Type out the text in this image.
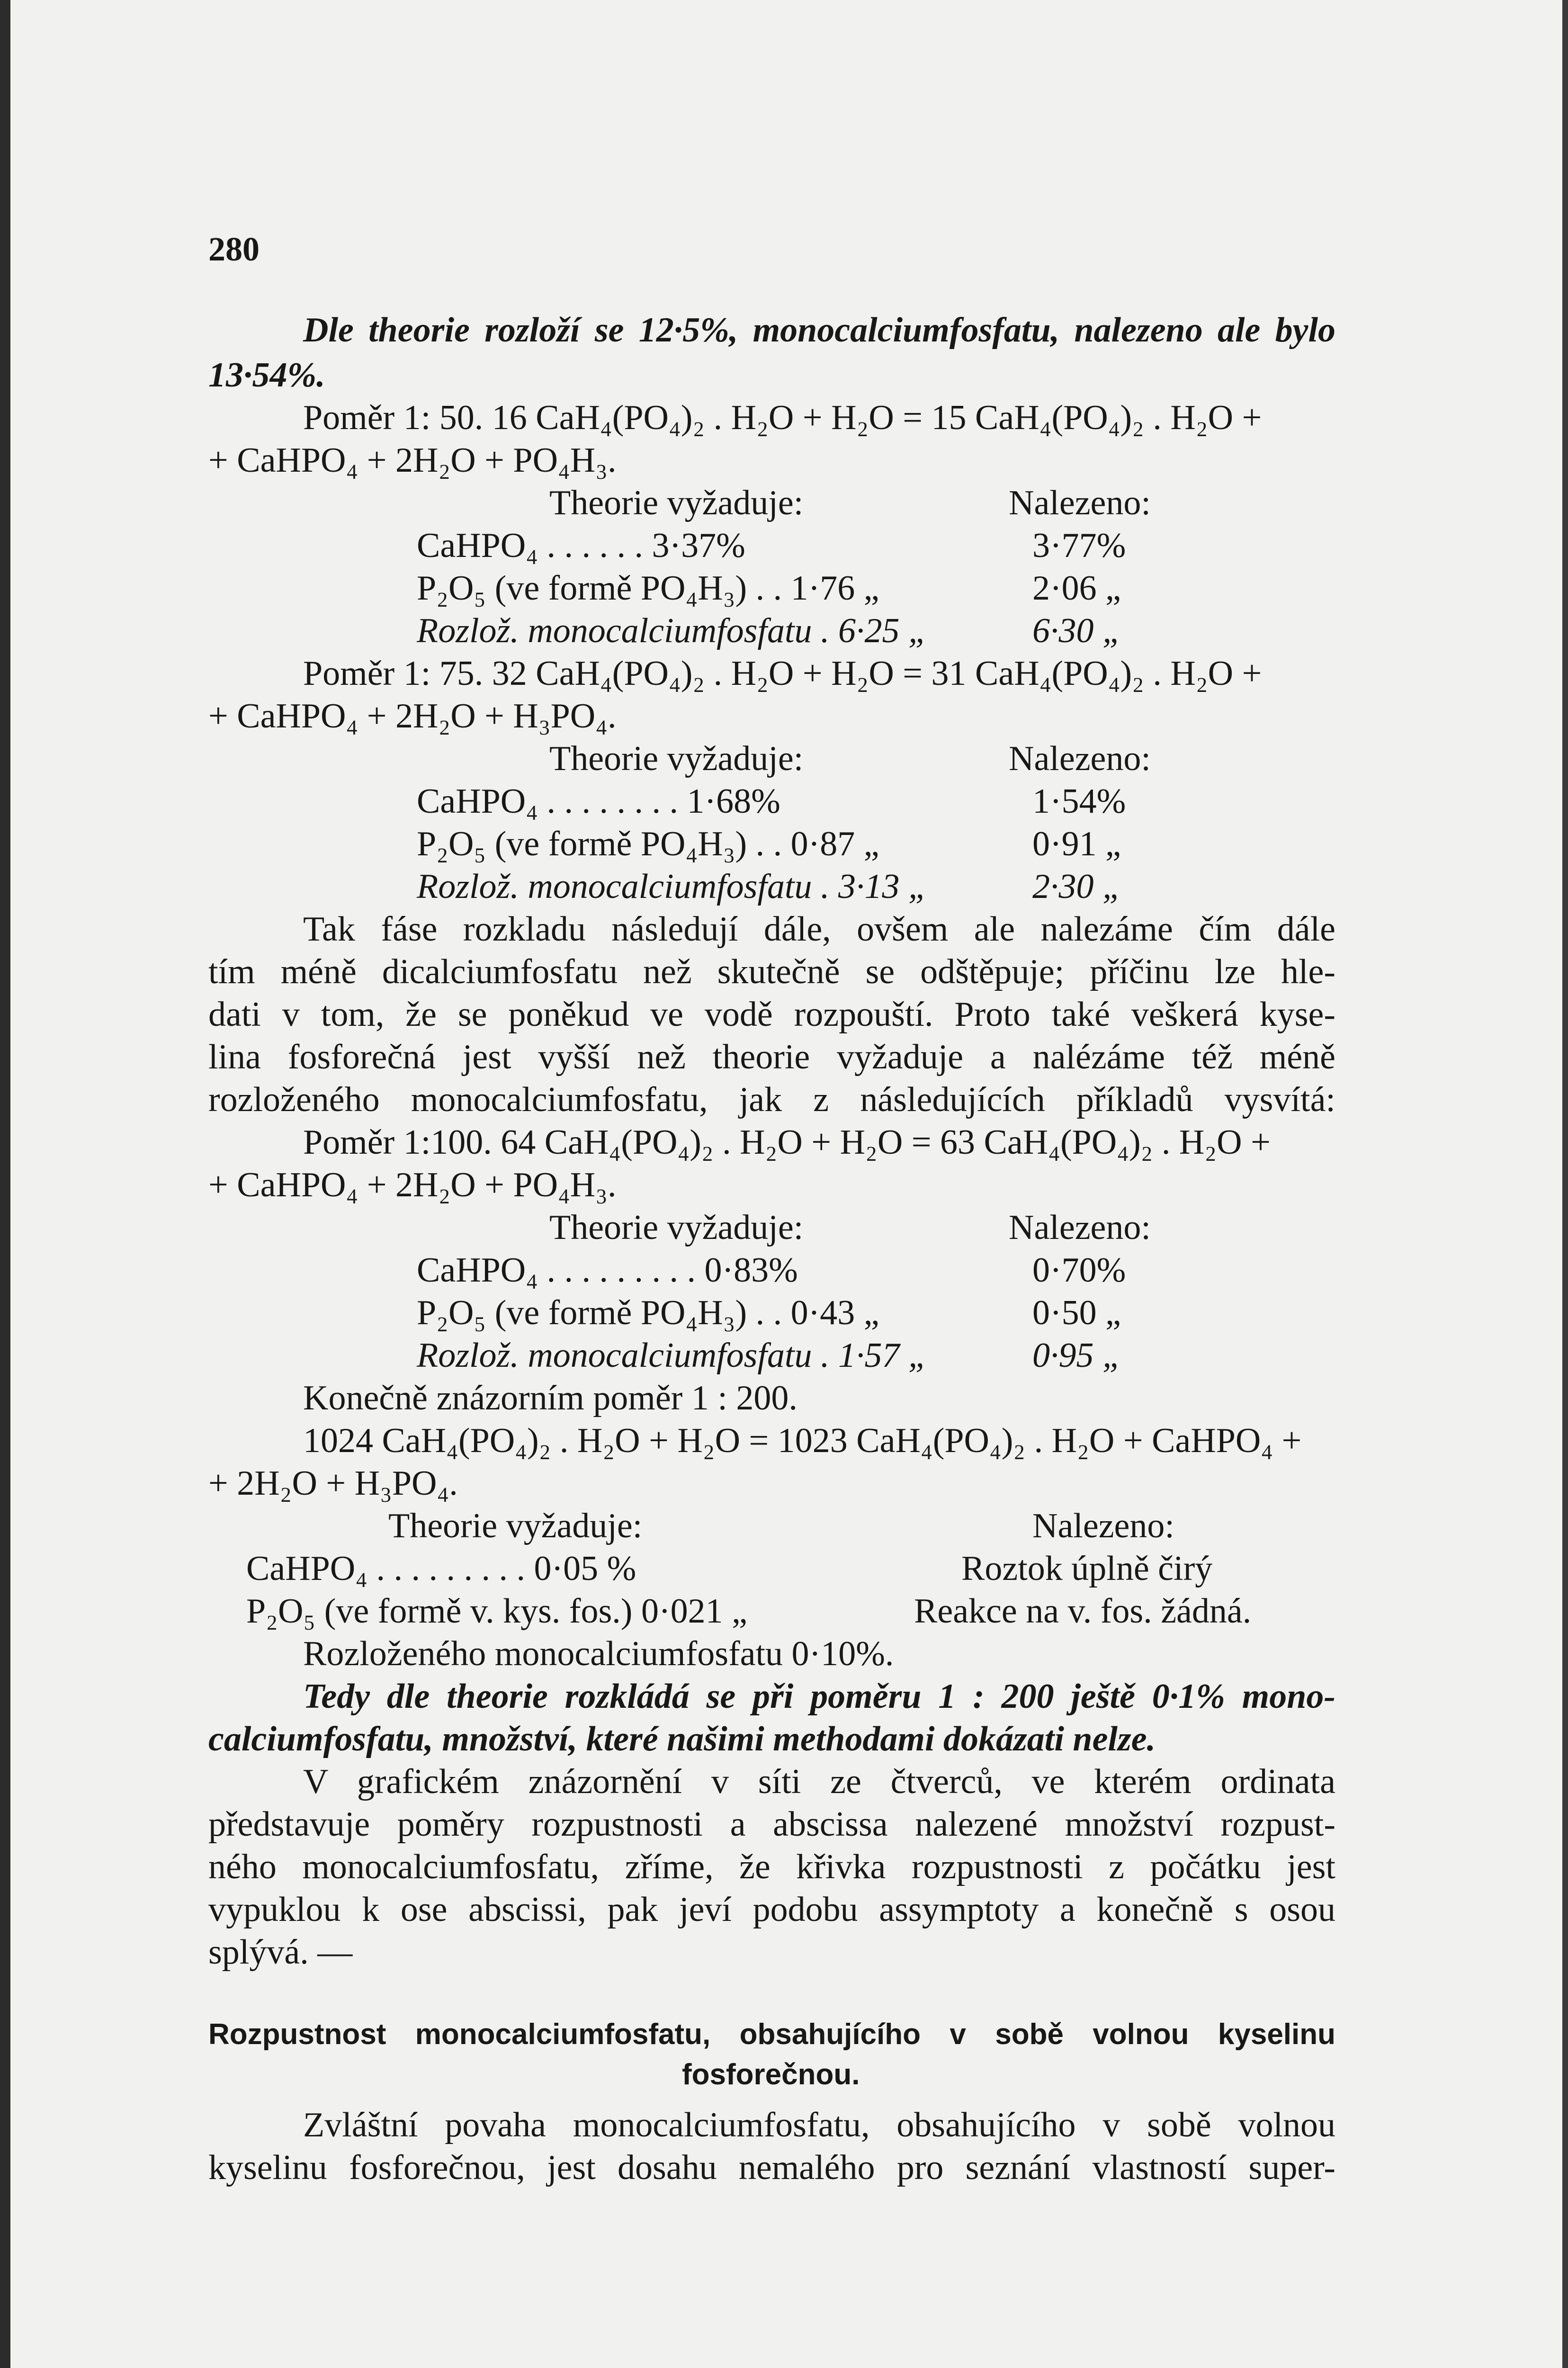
280
Dle theorie rozloží se 12·5%, monocalciumfosfatu, nalezeno ale bylo
13·54%.
Poměr 1: 50. 16 CaH₄(PO₄)₂ . H₂O + H₂O = 15 CaH₄(PO₄)₂ . H₂O +
+ CaHPO₄ + 2H₂O + PO₄H₃.
Theorie vyžaduje:	Nalezeno:
CaHPO₄ . . . . . . 3·37%	3·77%
P₂O₅ (ve formě PO₄H₃) . . 1·76 „	2·06 „
Rozlož. monocalciumfosfatu . 6·25 „	6·30 „
Poměr 1: 75. 32 CaH₄(PO₄)₂ . H₂O + H₂O = 31 CaH₄(PO₄)₂ . H₂O +
+ CaHPO₄ + 2H₂O + H₃PO₄.
Theorie vyžaduje:	Nalezeno:
CaHPO₄ . . . . . . . . 1·68%	1·54%
P₂O₅ (ve formě PO₄H₃) . . 0·87 „	0·91 „
Rozlož. monocalciumfosfatu . 3·13 „	2·30 „
Tak fáse rozkladu následují dále, ovšem ale nalezáme čím dále
tím méně dicalciumfosfatu než skutečně se odštěpuje; příčinu lze hle-
dati v tom, že se poněkud ve vodě rozpouští. Proto také veškerá kyse-
lina fosforečná jest vyšší než theorie vyžaduje a nalézáme též méně
rozloženého monocalciumfosfatu, jak z následujících příkladů vysvítá:
Poměr 1:100. 64 CaH₄(PO₄)₂ . H₂O + H₂O = 63 CaH₄(PO₄)₂ . H₂O +
+ CaHPO₄ + 2H₂O + PO₄H₃.
Theorie vyžaduje:	Nalezeno:
CaHPO₄ . . . . . . . . . 0·83%	0·70%
P₂O₅ (ve formě PO₄H₃) . . 0·43 „	0·50 „
Rozlož. monocalciumfosfatu . 1·57 „	0·95 „
Konečně znázorním poměr 1 : 200.
1024 CaH₄(PO₄)₂ . H₂O + H₂O = 1023 CaH₄(PO₄)₂ . H₂O + CaHPO₄ +
+ 2H₂O + H₃PO₄.
Theorie vyžaduje:	Nalezeno:
CaHPO₄ . . . . . . . . . 0·05 %	Roztok úplně čirý
P₂O₅ (ve formě v. kys. fos.) 0·021 „	Reakce na v. fos. žádná.
Rozloženého monocalciumfosfatu 0·10%.
Tedy dle theorie rozkládá se při poměru 1 : 200 ještě 0·1% mono-
calciumfosfatu, množství, které našimi methodami dokázati nelze.
V grafickém znázornění v síti ze čtverců, ve kterém ordinata
představuje poměry rozpustnosti a abscissa nalezené množství rozpust-
ného monocalciumfosfatu, zříme, že křivka rozpustnosti z počátku jest
vypuklou k ose abscissi, pak jeví podobu assymptoty a konečně s osou
splývá. —
Rozpustnost monocalciumfosfatu, obsahujícího v sobě volnou kyselinu
fosforečnou.
Zvláštní povaha monocalciumfosfatu, obsahujícího v sobě volnou
kyselinu fosforečnou, jest dosahu nemalého pro seznání vlastností super-
